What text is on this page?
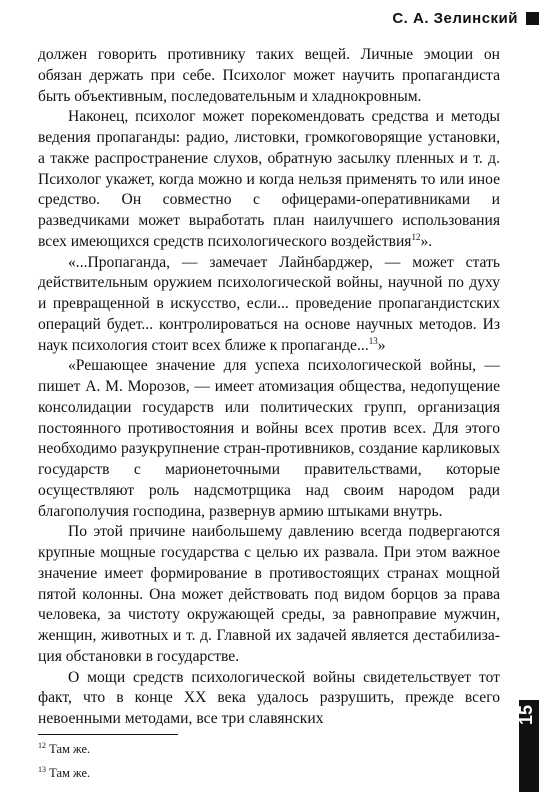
С. А. Зелинский

должен говорить противнику таких вещей. Личные эмоции он обязан держать при себе. Психолог может научить пропагандиста быть объективным, последовательным и хладнокровным.

Наконец, психолог может порекомендовать средства и методы ведения пропаганды: радио, листовки, громкоговорящие установки, а также распространение слухов, обратную засылку пленных и т. д. Психолог укажет, когда можно и когда нельзя применять то или иное средство. Он совместно с офицерами-оперативниками и разведчиками может выработать план наилучшего использования всех имеющихся средств психологического воздействия$^{12}$».

«...Пропаганда, — замечает Лайнбарджер, — может стать действительным оружием психологической войны, научной по духу и превращенной в искусство, если... проведение пропагандистских операций будет... контролироваться на основе научных методов. Из наук психология стоит всех ближе к пропаганде...$^{13}$»

«Решающее значение для успеха психологической войны, — пишет А. М. Морозов, — имеет атомизация общества, недопущение консолидации государств или политических групп, организация постоянного противостояния и войны всех против всех. Для этого необходимо разукрупнение стран-противников, создание карликовых государств с марионеточными правительствами, которые осуществляют роль надсмотрщика над своим народом ради благополучия господина, развернув армию штыками внутрь.

По этой причине наибольшему давлению всегда подвергаются крупные мощные государства с целью их развала. При этом важное значение имеет формирование в противостоящих странах мощной пятой колонны. Она может действовать под видом борцов за права человека, за чистоту окружающей среды, за равноправие мужчин, женщин, животных и т. д. Главной их задачей является дестабилизация обстановки в государстве.

О мощи средств психологической войны свидетельствует тот факт, что в конце XX века удалось разрушить, прежде всего невоенными методами, все три славянских

$^{12}$ Там же.
$^{13}$ Там же.
15
